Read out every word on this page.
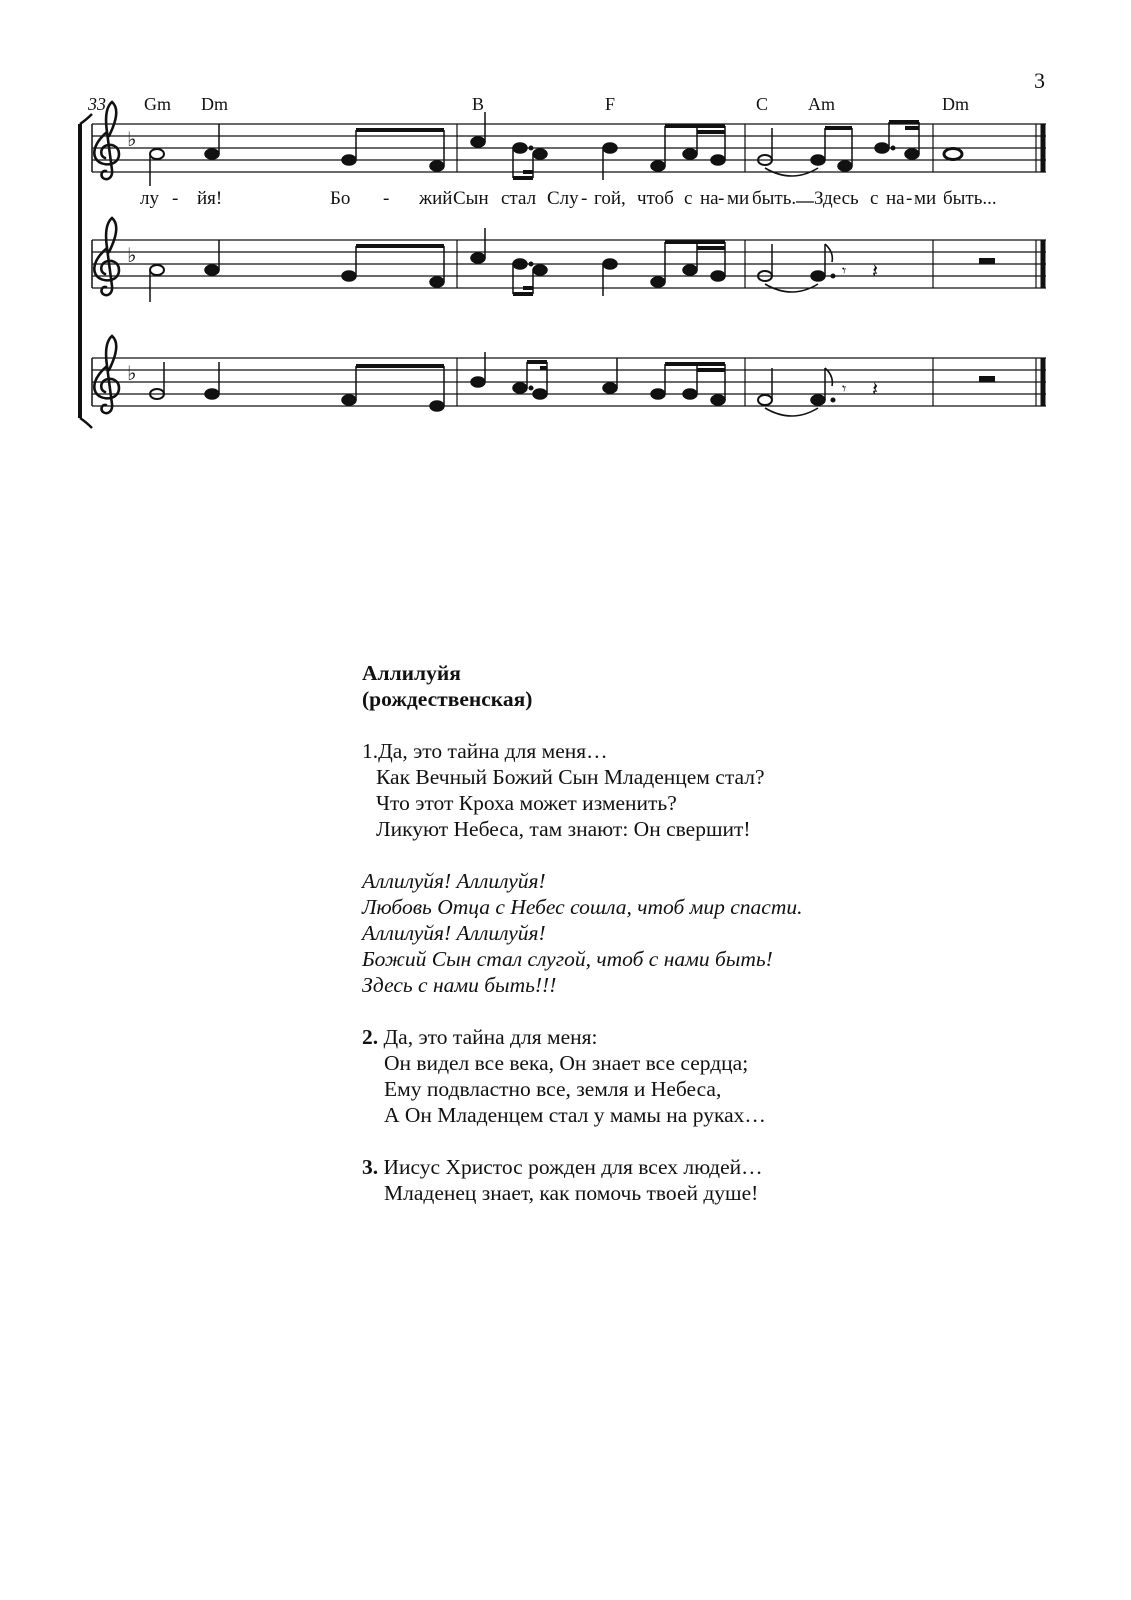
3
33 Gm Dm	B	F	C Am	Dm
♭
лу - йя!	Бо - жий Сын стал Слу - гой, чтоб с на - ми быть. Здесь с на - ми быть...
♭
𝄾 𝄽
♭
𝄾 𝄽

Аллилуйя

(рождественская)

1.Да, это тайна для меня…

Как Вечный Божий Сын Младенцем стал?

Что этот Кроха может изменить?

Ликуют Небеса, там знают: Он свершит!

Аллилуйя! Аллилуйя!

Любовь Отца с Небес сошла, чтоб мир спасти.

Аллилуйя! Аллилуйя!

Божий Сын стал слугой, чтоб с нами быть!

Здесь с нами быть!!!

2. Да, это тайна для меня:

Он видел все века, Он знает все сердца;

Ему подвластно все, земля и Небеса,

А Он Младенцем стал у мамы на руках…

3. Иисус Христос рожден для всех людей…

Младенец знает, как помочь твоей душе!
